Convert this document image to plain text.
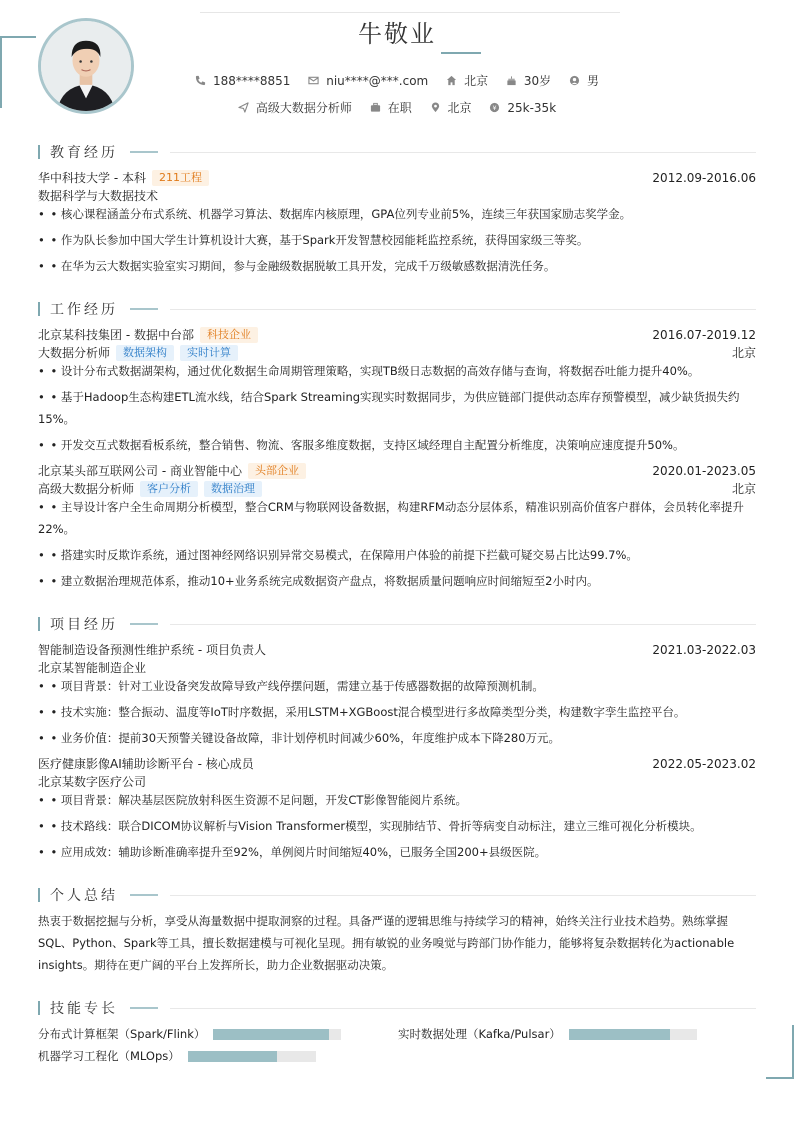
牛敬业
188****8851
	niu****@***.com
	北京
	30岁
	男
高级大数据分析师
	在职
	北京
	¥ 25k-35k
教育经历
华中科技大学 - 本科	211工程	2012.09-2016.06
数据科学与大数据技术
• • 核心课程涵盖分布式系统、机器学习算法、数据库内核原理，GPA位列专业前5%，连续三年获国家励志奖学金。
• • 作为队长参加中国大学生计算机设计大赛，基于Spark开发智慧校园能耗监控系统，获得国家级三等奖。
• • 在华为云大数据实验室实习期间，参与金融级数据脱敏工具开发，完成千万级敏感数据清洗任务。
工作经历
北京某科技集团 - 数据中台部	科技企业	2016.07-2019.12
大数据分析师	数据架构	实时计算	北京
• • 设计分布式数据湖架构，通过优化数据生命周期管理策略，实现TB级日志数据的高效存储与查询，将数据吞吐能力提升40%。
• • 基于Hadoop生态构建ETL流水线，结合Spark Streaming实现实时数据同步，为供应链部门提供动态库存预警模型，减少缺货损失约15%。
• • 开发交互式数据看板系统，整合销售、物流、客服多维度数据，支持区域经理自主配置分析维度，决策响应速度提升50%。
北京某头部互联网公司 - 商业智能中心	头部企业	2020.01-2023.05
高级大数据分析师	客户分析	数据治理	北京
• • 主导设计客户全生命周期分析模型，整合CRM与物联网设备数据，构建RFM动态分层体系，精准识别高价值客户群体，会员转化率提升22%。
• • 搭建实时反欺诈系统，通过图神经网络识别异常交易模式，在保障用户体验的前提下拦截可疑交易占比达99.7%。
• • 建立数据治理规范体系，推动10+业务系统完成数据资产盘点，将数据质量问题响应时间缩短至2小时内。
项目经历
智能制造设备预测性维护系统 - 项目负责人	2021.03-2022.03
北京某智能制造企业
• • 项目背景：针对工业设备突发故障导致产线停摆问题，需建立基于传感器数据的故障预测机制。
• • 技术实施：整合振动、温度等IoT时序数据，采用LSTM+XGBoost混合模型进行多故障类型分类，构建数字孪生监控平台。
• • 业务价值：提前30天预警关键设备故障，非计划停机时间减少60%，年度维护成本下降280万元。
医疗健康影像AI辅助诊断平台 - 核心成员	2022.05-2023.02
北京某数字医疗公司
• • 项目背景：解决基层医院放射科医生资源不足问题，开发CT影像智能阅片系统。
• • 技术路线：联合DICOM协议解析与Vision Transformer模型，实现肺结节、骨折等病变自动标注，建立三维可视化分析模块。
• • 应用成效：辅助诊断准确率提升至92%，单例阅片时间缩短40%，已服务全国200+县级医院。
个人总结
热衷于数据挖掘与分析，享受从海量数据中提取洞察的过程。具备严谨的逻辑思维与持续学习的精神，始终关注行业技术趋势。熟练掌握SQL、Python、Spark等工具，擅长数据建模与可视化呈现。拥有敏锐的业务嗅觉与跨部门协作能力，能够将复杂数据转化为actionable insights。期待在更广阔的平台上发挥所长，助力企业数据驱动决策。
技能专长
分布式计算框架（Spark/Flink）	实时数据处理（Kafka/Pulsar）
机器学习工程化（MLOps）
